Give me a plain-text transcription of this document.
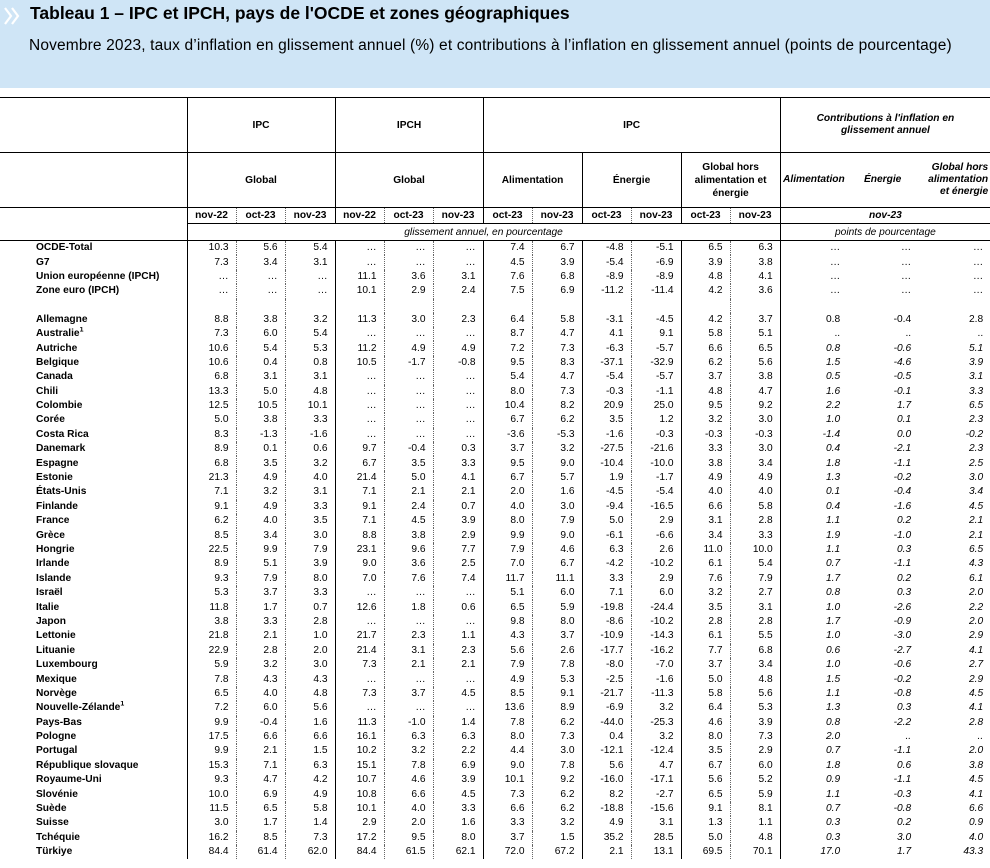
Tableau 1 – IPC et IPCH, pays de l'OCDE et zones géographiques
Novembre 2023, taux d’inflation en glissement annuel (%) et contributions à l’inflation en glissement annuel (points de pourcentage)
	IPC			IPCH			IPC						Contributions à l'inflation en glissement annuel		
	Global			Global			Alimentation		Énergie		Global hors alimentation et énergie		Alimentation	Énergie	Global hors alimentation et énergie
	nov-22	oct-23	nov-23	nov-22	oct-23	nov-23	oct-23	nov-23	oct-23	nov-23	oct-23	nov-23	nov-23		
	glissement annuel, en pourcentage												points de pourcentage		
OCDE-Total	10.3	5.6	5.4	…	…	…	7.4	6.7	-4.8	-5.1	6.5	6.3	…	…	…
G7	7.3	3.4	3.1	…	…	…	4.5	3.9	-5.4	-6.9	3.9	3.8	…	…	…
Union européenne (IPCH)	…	…	…	11.1	3.6	3.1	7.6	6.8	-8.9	-8.9	4.8	4.1	…	…	…
Zone euro (IPCH)	…	…	…	10.1	2.9	2.4	7.5	6.9	-11.2	-11.4	4.2	3.6	…	…	…

Allemagne	8.8	3.8	3.2	11.3	3.0	2.3	6.4	5.8	-3.1	-4.5	4.2	3.7	0.8	-0.4	2.8
Australie$^1$	7.3	6.0	5.4	…	…	…	8.7	4.7	4.1	9.1	5.8	5.1	..	..	..
Autriche	10.6	5.4	5.3	11.2	4.9	4.9	7.2	7.3	-6.3	-5.7	6.6	6.5	0.8	-0.6	5.1
Belgique	10.6	0.4	0.8	10.5	-1.7	-0.8	9.5	8.3	-37.1	-32.9	6.2	5.6	1.5	-4.6	3.9
Canada	6.8	3.1	3.1	…	…	…	5.4	4.7	-5.4	-5.7	3.7	3.8	0.5	-0.5	3.1
Chili	13.3	5.0	4.8	…	…	…	8.0	7.3	-0.3	-1.1	4.8	4.7	1.6	-0.1	3.3
Colombie	12.5	10.5	10.1	…	…	…	10.4	8.2	20.9	25.0	9.5	9.2	2.2	1.7	6.5
Corée	5.0	3.8	3.3	…	…	…	6.7	6.2	3.5	1.2	3.2	3.0	1.0	0.1	2.3
Costa Rica	8.3	-1.3	-1.6	…	…	…	-3.6	-5.3	-1.6	-0.3	-0.3	-0.3	-1.4	0.0	-0.2
Danemark	8.9	0.1	0.6	9.7	-0.4	0.3	3.7	3.2	-27.5	-21.6	3.3	3.0	0.4	-2.1	2.3
Espagne	6.8	3.5	3.2	6.7	3.5	3.3	9.5	9.0	-10.4	-10.0	3.8	3.4	1.8	-1.1	2.5
Estonie	21.3	4.9	4.0	21.4	5.0	4.1	6.7	5.7	1.9	-1.7	4.9	4.9	1.3	-0.2	3.0
États-Unis	7.1	3.2	3.1	7.1	2.1	2.1	2.0	1.6	-4.5	-5.4	4.0	4.0	0.1	-0.4	3.4
Finlande	9.1	4.9	3.3	9.1	2.4	0.7	4.0	3.0	-9.4	-16.5	6.6	5.8	0.4	-1.6	4.5
France	6.2	4.0	3.5	7.1	4.5	3.9	8.0	7.9	5.0	2.9	3.1	2.8	1.1	0.2	2.1
Grèce	8.5	3.4	3.0	8.8	3.8	2.9	9.9	9.0	-6.1	-6.6	3.4	3.3	1.9	-1.0	2.1
Hongrie	22.5	9.9	7.9	23.1	9.6	7.7	7.9	4.6	6.3	2.6	11.0	10.0	1.1	0.3	6.5
Irlande	8.9	5.1	3.9	9.0	3.6	2.5	7.0	6.7	-4.2	-10.2	6.1	5.4	0.7	-1.1	4.3
Islande	9.3	7.9	8.0	7.0	7.6	7.4	11.7	11.1	3.3	2.9	7.6	7.9	1.7	0.2	6.1
Israël	5.3	3.7	3.3	…	…	…	5.1	6.0	7.1	6.0	3.2	2.7	0.8	0.3	2.0
Italie	11.8	1.7	0.7	12.6	1.8	0.6	6.5	5.9	-19.8	-24.4	3.5	3.1	1.0	-2.6	2.2
Japon	3.8	3.3	2.8	…	…	…	9.8	8.0	-8.6	-10.2	2.8	2.8	1.7	-0.9	2.0
Lettonie	21.8	2.1	1.0	21.7	2.3	1.1	4.3	3.7	-10.9	-14.3	6.1	5.5	1.0	-3.0	2.9
Lituanie	22.9	2.8	2.0	21.4	3.1	2.3	5.6	2.6	-17.7	-16.2	7.7	6.8	0.6	-2.7	4.1
Luxembourg	5.9	3.2	3.0	7.3	2.1	2.1	7.9	7.8	-8.0	-7.0	3.7	3.4	1.0	-0.6	2.7
Mexique	7.8	4.3	4.3	…	…	…	4.9	5.3	-2.5	-1.6	5.0	4.8	1.5	-0.2	2.9
Norvège	6.5	4.0	4.8	7.3	3.7	4.5	8.5	9.1	-21.7	-11.3	5.8	5.6	1.1	-0.8	4.5
Nouvelle-Zélande$^1$	7.2	6.0	5.6	…	…	…	13.6	8.9	-6.9	3.2	6.4	5.3	1.3	0.3	4.1
Pays-Bas	9.9	-0.4	1.6	11.3	-1.0	1.4	7.8	6.2	-44.0	-25.3	4.6	3.9	0.8	-2.2	2.8
Pologne	17.5	6.6	6.6	16.1	6.3	6.3	8.0	7.3	0.4	3.2	8.0	7.3	2.0	..	..
Portugal	9.9	2.1	1.5	10.2	3.2	2.2	4.4	3.0	-12.1	-12.4	3.5	2.9	0.7	-1.1	2.0
République slovaque	15.3	7.1	6.3	15.1	7.8	6.9	9.0	7.8	5.6	4.7	6.7	6.0	1.8	0.6	3.8
Royaume-Uni	9.3	4.7	4.2	10.7	4.6	3.9	10.1	9.2	-16.0	-17.1	5.6	5.2	0.9	-1.1	4.5
Slovénie	10.0	6.9	4.9	10.8	6.6	4.5	7.3	6.2	8.2	-2.7	6.5	5.9	1.1	-0.3	4.1
Suède	11.5	6.5	5.8	10.1	4.0	3.3	6.6	6.2	-18.8	-15.6	9.1	8.1	0.7	-0.8	6.6
Suisse	3.0	1.7	1.4	2.9	2.0	1.6	3.3	3.2	4.9	3.1	1.3	1.1	0.3	0.2	0.9
Tchéquie	16.2	8.5	7.3	17.2	9.5	8.0	3.7	1.5	35.2	28.5	5.0	4.8	0.3	3.0	4.0
Türkiye	84.4	61.4	62.0	84.4	61.5	62.1	72.0	67.2	2.1	13.1	69.5	70.1	17.0	1.7	43.3
